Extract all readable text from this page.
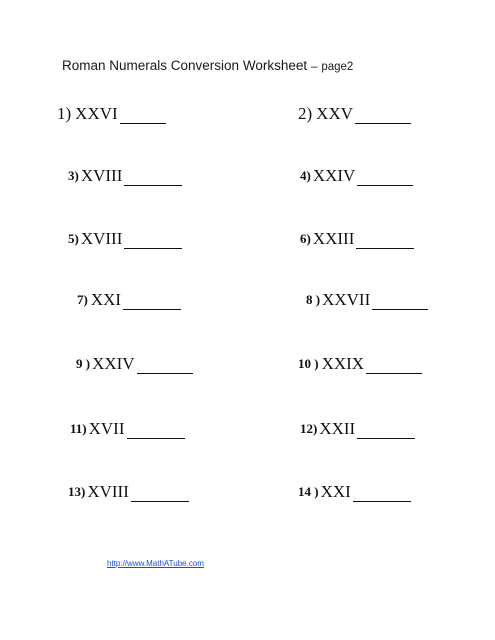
Roman Numerals Conversion Worksheet – page2
1) XXVI	2) XXV
3) XVIII	4) XXIV
5) XVIII	6) XXIII
7) XXI	8 ) XXVII
9 ) XXIV	10 ) XXIX
11) XVII	12) XXII
13) XVIII	14 ) XXI
http://www.MathATube.com
